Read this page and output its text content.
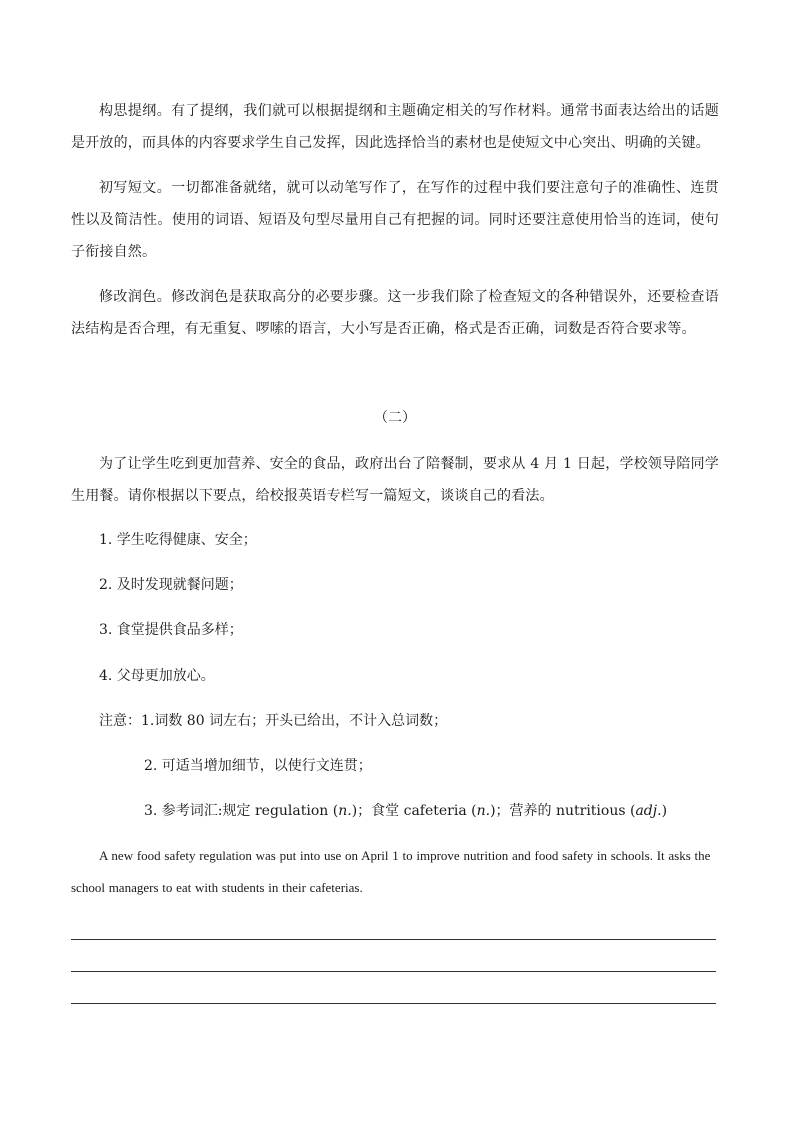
构思提纲。有了提纲，我们就可以根据提纲和主题确定相关的写作材料。通常书面表达给出的话题是开放的，而具体的内容要求学生自己发挥，因此选择恰当的素材也是使短文中心突出、明确的关键。

初写短文。一切都准备就绪，就可以动笔写作了，在写作的过程中我们要注意句子的准确性、连贯性以及简洁性。使用的词语、短语及句型尽量用自己有把握的词。同时还要注意使用恰当的连词，使句子衔接自然。

修改润色。修改润色是获取高分的必要步骤。这一步我们除了检查短文的各种错误外，还要检查语法结构是否合理，有无重复、啰嗦的语言，大小写是否正确，格式是否正确，词数是否符合要求等。

（二）

为了让学生吃到更加营养、安全的食品，政府出台了陪餐制，要求从 4 月 1 日起，学校领导陪同学生用餐。请你根据以下要点，给校报英语专栏写一篇短文，谈谈自己的看法。

1. 学生吃得健康、安全；

2. 及时发现就餐问题；

3. 食堂提供食品多样；

4. 父母更加放心。

注意：1.词数 80 词左右；开头已给出，不计入总词数；

2. 可适当增加细节，以使行文连贯；

3. 参考词汇:规定 regulation (n.)；食堂 cafeteria (n.)；营养的 nutritious (adj.)

A new food safety regulation was put into use on April 1 to improve nutrition and food safety in schools. It asks the school managers to eat with students in their cafeterias.
